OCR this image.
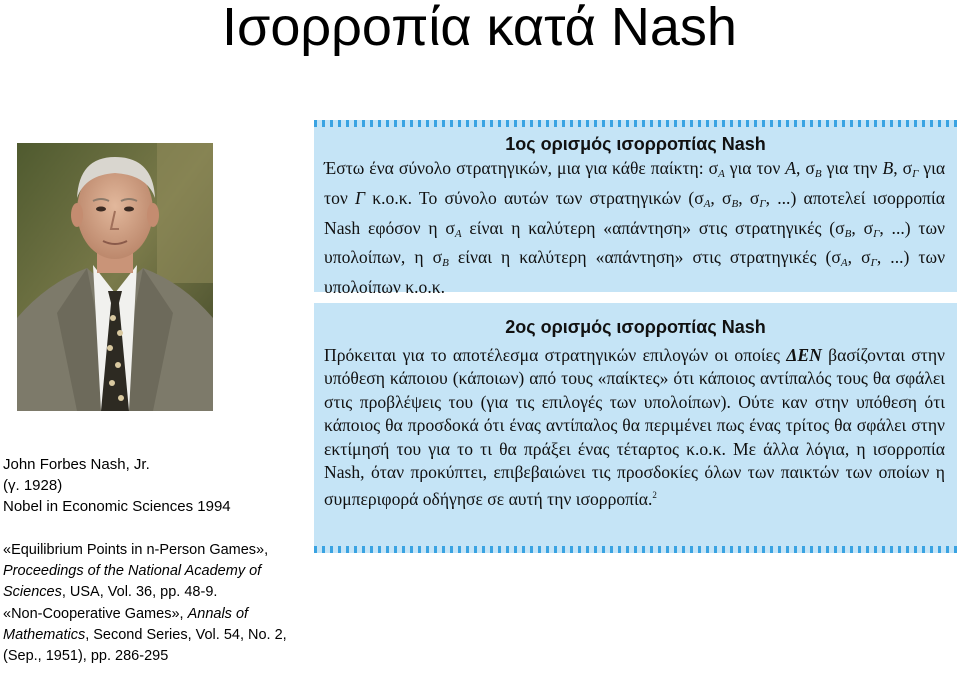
Ισορροπία κατά Nash
John Forbes Nash, Jr.
(γ. 1928)
Nobel in Economic Sciences 1994
«Equilibrium Points in n-Person Games», Proceedings of the National Academy of Sciences, USA, Vol. 36, pp. 48-9.
«Non-Cooperative Games», Annals of Mathematics, Second Series, Vol. 54, No. 2, (Sep., 1951), pp. 286-295
1ος ορισμός ισορροπίας Nash
Έστω ένα σύνολο στρατηγικών, μια για κάθε παίκτη: $\sigma_A$ για τον A, $\sigma_B$ για την B, $\sigma_\Gamma$ για τον Γ κ.ο.κ. Το σύνολο αυτών των στρατηγικών ($\sigma_A$, $\sigma_B$, $\sigma_\Gamma$, ...) αποτελεί ισορροπία Nash εφόσον η $\sigma_A$ είναι η καλύτερη «απάντηση» στις στρατηγικές ($\sigma_B$, $\sigma_\Gamma$, ...) των υπολοίπων, η $\sigma_B$ είναι η καλύτερη «απάντηση» στις στρατηγικές ($\sigma_A$, $\sigma_\Gamma$, ...) των υπολοίπων κ.ο.κ.
2ος ορισμός ισορροπίας Nash
Πρόκειται για το αποτέλεσμα στρατηγικών επιλογών οι οποίες ΔΕΝ βασίζονται στην υπόθεση κάποιου (κάποιων) από τους «παίκτες» ότι κάποιος αντίπαλός τους θα σφάλει στις προβλέψεις του (για τις επιλογές των υπολοίπων). Ούτε καν στην υπόθεση ότι κάποιος θα προσδοκά ότι ένας αντίπαλος θα περιμένει πως ένας τρίτος θα σφάλει στην εκτίμησή του για το τι θα πράξει ένας τέταρτος κ.ο.κ. Με άλλα λόγια, η ισορροπία Nash, όταν προκύπτει, επιβεβαιώνει τις προσδοκίες όλων των παικτών των οποίων η συμπεριφορά οδήγησε σε αυτή την ισορροπία.$^2$
